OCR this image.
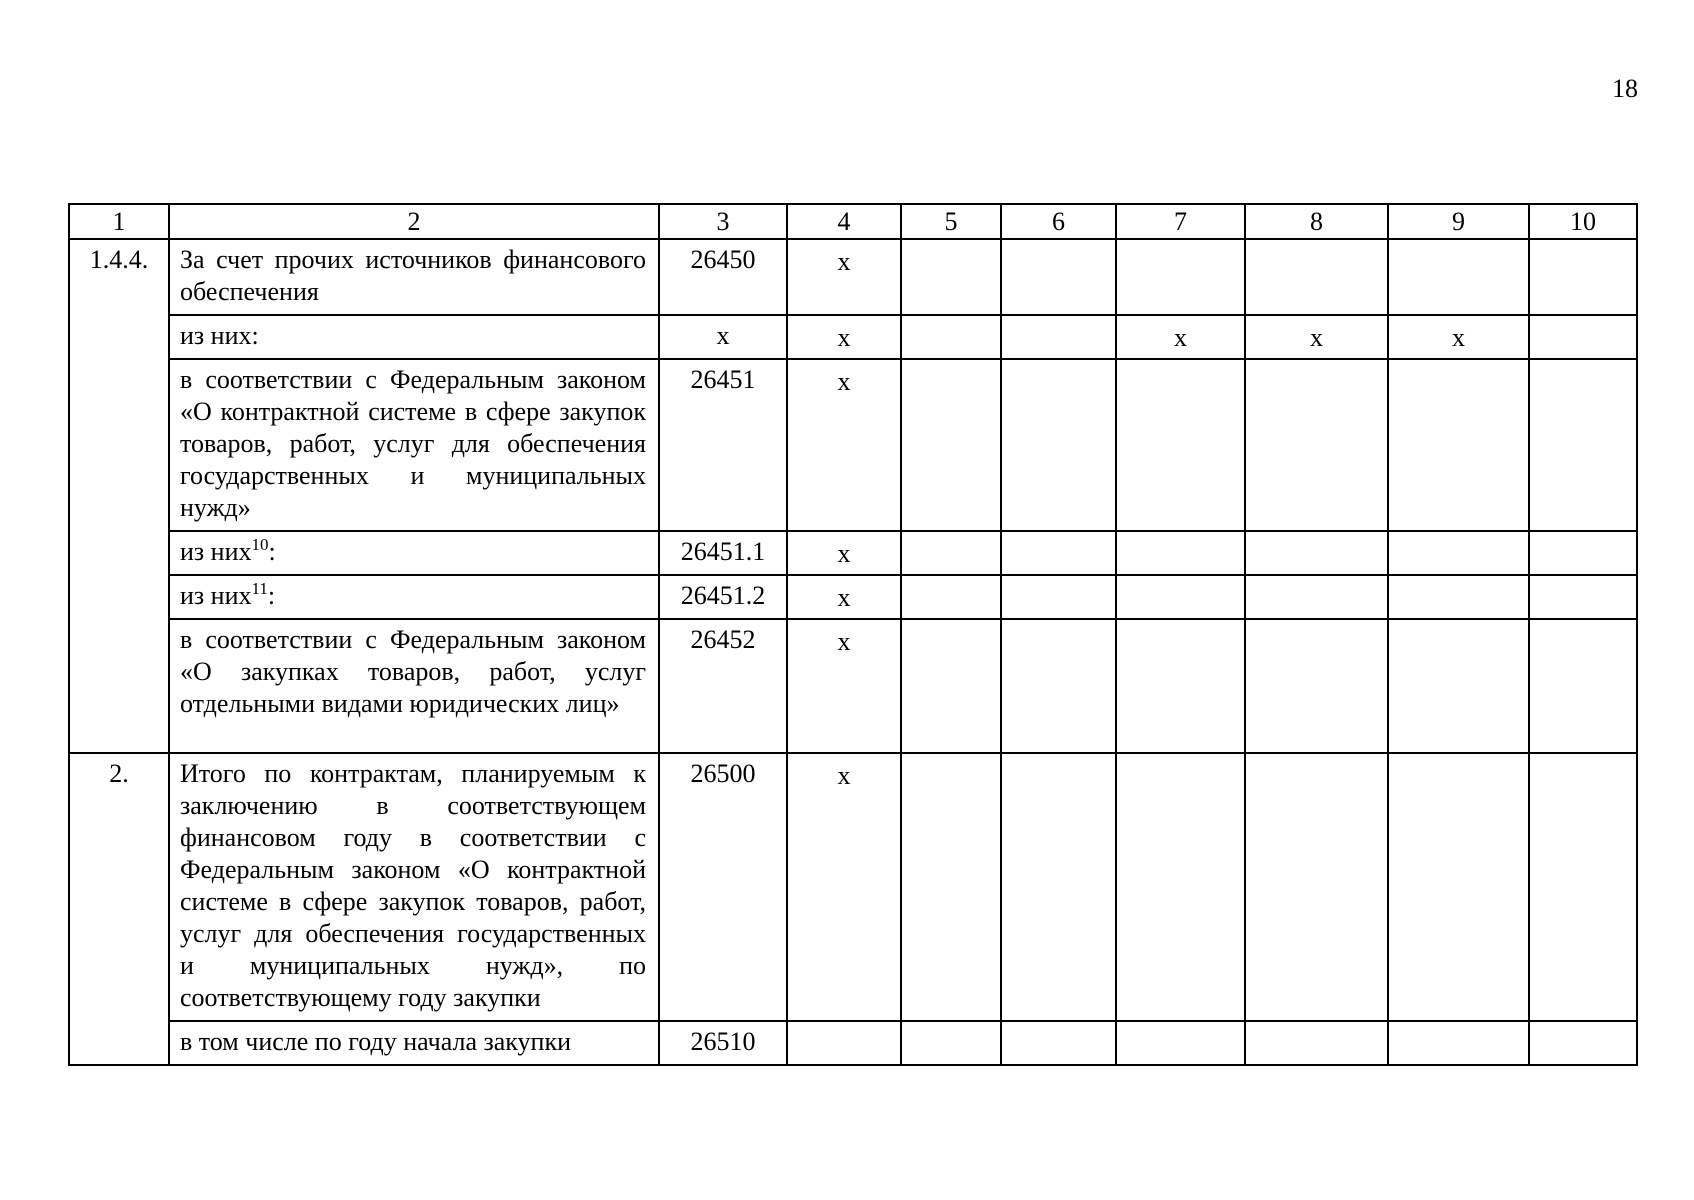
18
1	2	3	4	5	6	7	8	9	10
1.4.4.	За счет прочих источников финансового обеспечения	26450	x						
	из них:	x	x			x	x	x	
	в соответствии с Федеральным законом «О контрактной системе в сфере закупок товаров, работ, услуг для обеспечения государственных и муниципальных нужд»	26451	x						
	из них$^{10}$:	26451.1	x						
	из них$^{11}$:	26451.2	x						
	в соответствии с Федеральным законом «О закупках товаров, работ, услуг отдельными видами юридических лиц»	26452	x						
2.	Итого по контрактам, планируемым к заключению в соответствующем финансовом году в соответствии с Федеральным законом «О контрактной системе в сфере закупок товаров, работ, услуг для обеспечения государственных и муниципальных нужд», по соответствующему году закупки	26500	x						
	в том числе по году начала закупки	26510							
